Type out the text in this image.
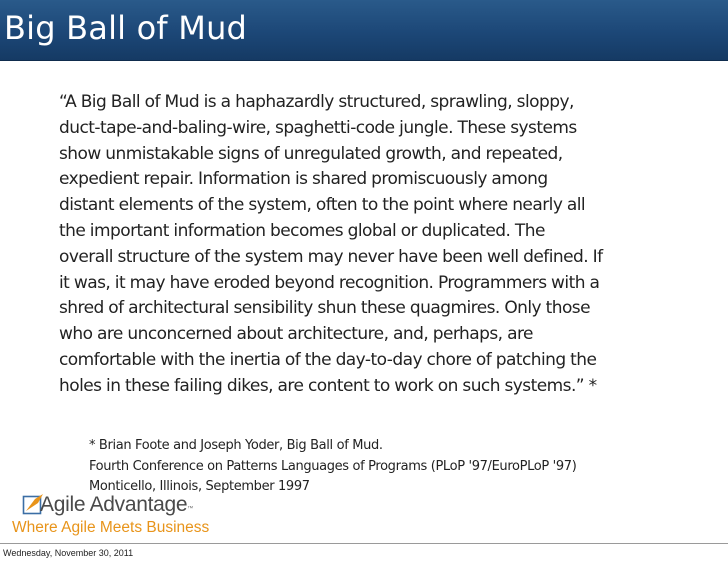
Big Ball of Mud
“A Big Ball of Mud is a haphazardly structured, sprawling, sloppy,
duct-tape-and-baling-wire, spaghetti-code jungle. These systems
show unmistakable signs of unregulated growth, and repeated,
expedient repair. Information is shared promiscuously among
distant elements of the system, often to the point where nearly all
the important information becomes global or duplicated. The
overall structure of the system may never have been well defined. If
it was, it may have eroded beyond recognition. Programmers with a
shred of architectural sensibility shun these quagmires. Only those
who are unconcerned about architecture, and, perhaps, are
comfortable with the inertia of the day-to-day chore of patching the
holes in these failing dikes, are content to work on such systems.” *
* Brian Foote and Joseph Yoder, Big Ball of Mud.
Fourth Conference on Patterns Languages of Programs (PLoP '97/EuroPLoP '97)
Monticello, Illinois, September 1997
Agile Advantage™
Where Agile Meets Business
Wednesday, November 30, 2011
